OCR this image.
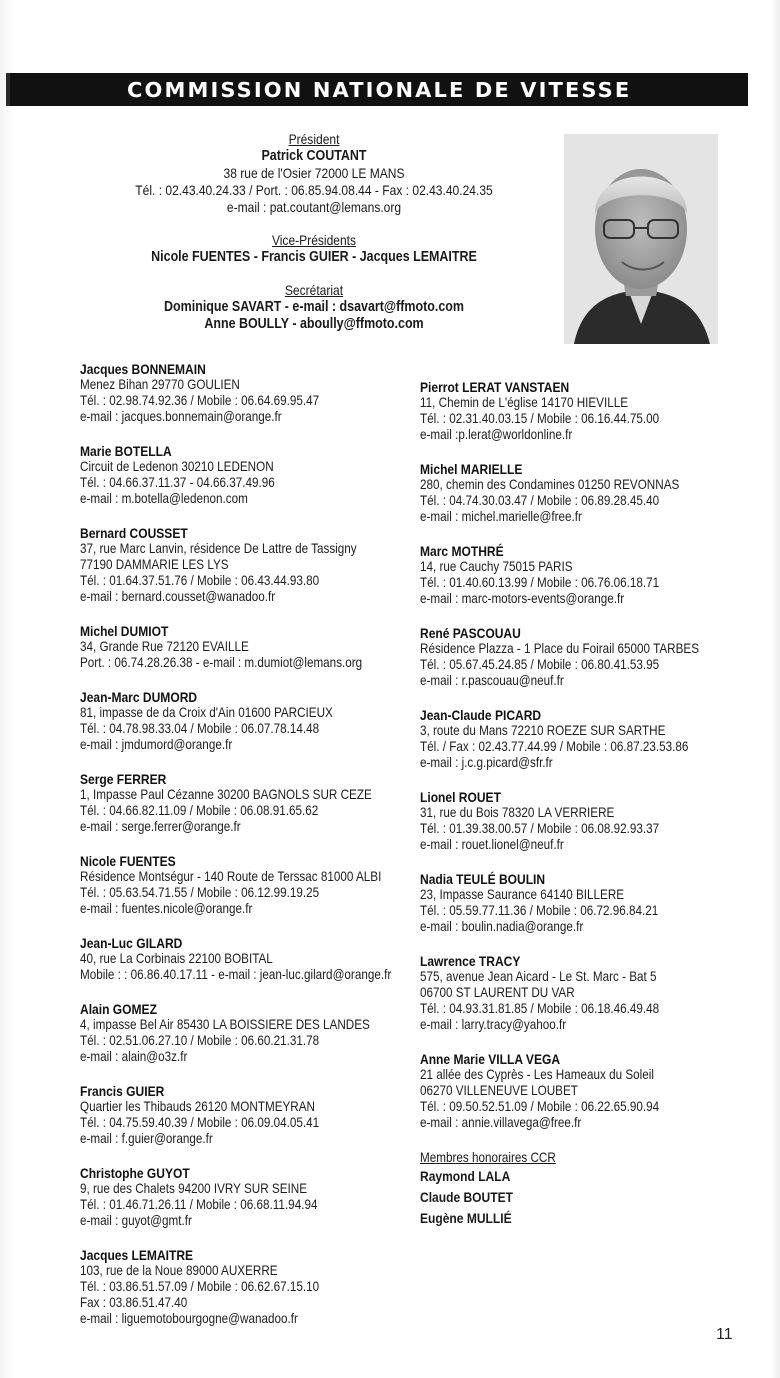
COMMISSION NATIONALE DE VITESSE
Président
Patrick COUTANT
38 rue de l'Osier 72000 LE MANS
Tél. : 02.43.40.24.33 / Port. : 06.85.94.08.44 - Fax : 02.43.40.24.35
e-mail : pat.coutant@lemans.org
Vice-Présidents
Nicole FUENTES - Francis GUIER - Jacques LEMAITRE
Secrétariat
Dominique SAVART - e-mail : dsavart@ffmoto.com
Anne BOULLY - aboully@ffmoto.com
Jacques BONNEMAIN
Menez Bihan 29770 GOULIEN
Tél. : 02.98.74.92.36 / Mobile : 06.64.69.95.47
e-mail : jacques.bonnemain@orange.fr
Marie BOTELLA
Circuit de Ledenon 30210 LEDENON
Tél. : 04.66.37.11.37 - 04.66.37.49.96
e-mail : m.botella@ledenon.com
Bernard COUSSET
37, rue Marc Lanvin, résidence De Lattre de Tassigny
77190 DAMMARIE LES LYS
Tél. : 01.64.37.51.76 / Mobile : 06.43.44.93.80
e-mail : bernard.cousset@wanadoo.fr
Michel DUMIOT
34, Grande Rue 72120 EVAILLE
Port. : 06.74.28.26.38 - e-mail : m.dumiot@lemans.org
Jean-Marc DUMORD
81, impasse de da Croix d'Ain 01600 PARCIEUX
Tél. : 04.78.98.33.04 / Mobile : 06.07.78.14.48
e-mail : jmdumord@orange.fr
Serge FERRER
1, Impasse Paul Cézanne 30200 BAGNOLS SUR CEZE
Tél. : 04.66.82.11.09 / Mobile : 06.08.91.65.62
e-mail : serge.ferrer@orange.fr
Nicole FUENTES
Résidence Montségur - 140 Route de Terssac 81000 ALBI
Tél. : 05.63.54.71.55 / Mobile : 06.12.99.19.25
e-mail : fuentes.nicole@orange.fr
Jean-Luc GILARD
40, rue La Corbinais 22100 BOBITAL
Mobile : : 06.86.40.17.11 - e-mail : jean-luc.gilard@orange.fr
Alain GOMEZ
4, impasse Bel Air 85430 LA BOISSIERE DES LANDES
Tél. : 02.51.06.27.10 / Mobile : 06.60.21.31.78
e-mail : alain@o3z.fr
Francis GUIER
Quartier les Thibauds 26120 MONTMEYRAN
Tél. : 04.75.59.40.39 / Mobile : 06.09.04.05.41
e-mail : f.guier@orange.fr
Christophe GUYOT
9, rue des Chalets 94200 IVRY SUR SEINE
Tél. : 01.46.71.26.11 / Mobile : 06.68.11.94.94
e-mail : guyot@gmt.fr
Jacques LEMAITRE
103, rue de la Noue 89000 AUXERRE
Tél. : 03.86.51.57.09 / Mobile : 06.62.67.15.10
Fax : 03.86.51.47.40
e-mail : liguemotobourgogne@wanadoo.fr
Pierrot LERAT VANSTAEN
11, Chemin de L'église 14170 HIEVILLE
Tél. : 02.31.40.03.15 / Mobile : 06.16.44.75.00
e-mail :p.lerat@worldonline.fr
Michel MARIELLE
280, chemin des Condamines 01250 REVONNAS
Tél. : 04.74.30.03.47 / Mobile : 06.89.28.45.40
e-mail : michel.marielle@free.fr
Marc MOTHRÉ
14, rue Cauchy 75015 PARIS
Tél. : 01.40.60.13.99 / Mobile : 06.76.06.18.71
e-mail : marc-motors-events@orange.fr
René PASCOUAU
Résidence Plazza - 1 Place du Foirail 65000 TARBES
Tél. : 05.67.45.24.85 / Mobile : 06.80.41.53.95
e-mail : r.pascouau@neuf.fr
Jean-Claude PICARD
3, route du Mans 72210 ROEZE SUR SARTHE
Tél. / Fax : 02.43.77.44.99 / Mobile : 06.87.23.53.86
e-mail : j.c.g.picard@sfr.fr
Lionel ROUET
31, rue du Bois 78320 LA VERRIERE
Tél. : 01.39.38.00.57 / Mobile : 06.08.92.93.37
e-mail : rouet.lionel@neuf.fr
Nadia TEULÉ BOULIN
23, Impasse Saurance 64140 BILLERE
Tél. : 05.59.77.11.36 / Mobile : 06.72.96.84.21
e-mail : boulin.nadia@orange.fr
Lawrence TRACY
575, avenue Jean Aicard - Le St. Marc - Bat 5
06700 ST LAURENT DU VAR
Tél. : 04.93.31.81.85 / Mobile : 06.18.46.49.48
e-mail : larry.tracy@yahoo.fr
Anne Marie VILLA VEGA
21 allée des Cyprès - Les Hameaux du Soleil
06270 VILLENEUVE LOUBET
Tél. : 09.50.52.51.09 / Mobile : 06.22.65.90.94
e-mail : annie.villavega@free.fr
Membres honoraires CCR
Raymond LALA
Claude BOUTET
Eugène MULLIÉ
11
